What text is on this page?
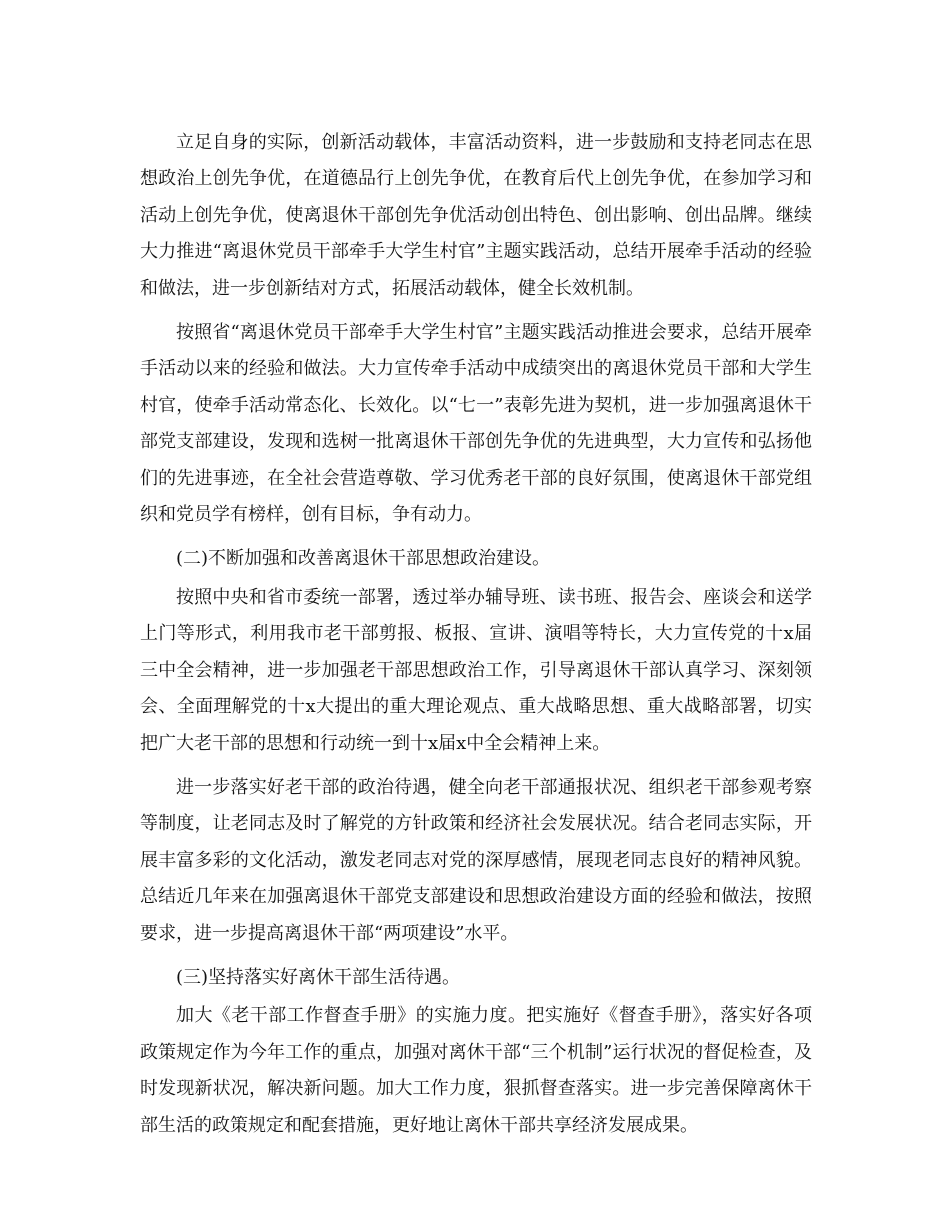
立足自身的实际，创新活动载体，丰富活动资料，进一步鼓励和支持老同志在思想政治上创先争优，在道德品行上创先争优，在教育后代上创先争优，在参加学习和活动上创先争优，使离退休干部创先争优活动创出特色、创出影响、创出品牌。继续大力推进“离退休党员干部牵手大学生村官”主题实践活动，总结开展牵手活动的经验和做法，进一步创新结对方式，拓展活动载体，健全长效机制。

按照省“离退休党员干部牵手大学生村官”主题实践活动推进会要求，总结开展牵手活动以来的经验和做法。大力宣传牵手活动中成绩突出的离退休党员干部和大学生村官，使牵手活动常态化、长效化。以“七一”表彰先进为契机，进一步加强离退休干部党支部建设，发现和选树一批离退休干部创先争优的先进典型，大力宣传和弘扬他们的先进事迹，在全社会营造尊敬、学习优秀老干部的良好氛围，使离退休干部党组织和党员学有榜样，创有目标，争有动力。

(二)不断加强和改善离退休干部思想政治建设。

按照中央和省市委统一部署，透过举办辅导班、读书班、报告会、座谈会和送学上门等形式，利用我市老干部剪报、板报、宣讲、演唱等特长，大力宣传党的十x届三中全会精神，进一步加强老干部思想政治工作，引导离退休干部认真学习、深刻领会、全面理解党的十x大提出的重大理论观点、重大战略思想、重大战略部署，切实把广大老干部的思想和行动统一到十x届x中全会精神上来。

进一步落实好老干部的政治待遇，健全向老干部通报状况、组织老干部参观考察等制度，让老同志及时了解党的方针政策和经济社会发展状况。结合老同志实际，开展丰富多彩的文化活动，激发老同志对党的深厚感情，展现老同志良好的精神风貌。总结近几年来在加强离退休干部党支部建设和思想政治建设方面的经验和做法，按照要求，进一步提高离退休干部“两项建设”水平。

(三)坚持落实好离休干部生活待遇。

加大《老干部工作督查手册》的实施力度。把实施好《督查手册》，落实好各项政策规定作为今年工作的重点，加强对离休干部“三个机制”运行状况的督促检查，及时发现新状况，解决新问题。加大工作力度，狠抓督查落实。进一步完善保障离休干部生活的政策规定和配套措施，更好地让离休干部共享经济发展成果。
